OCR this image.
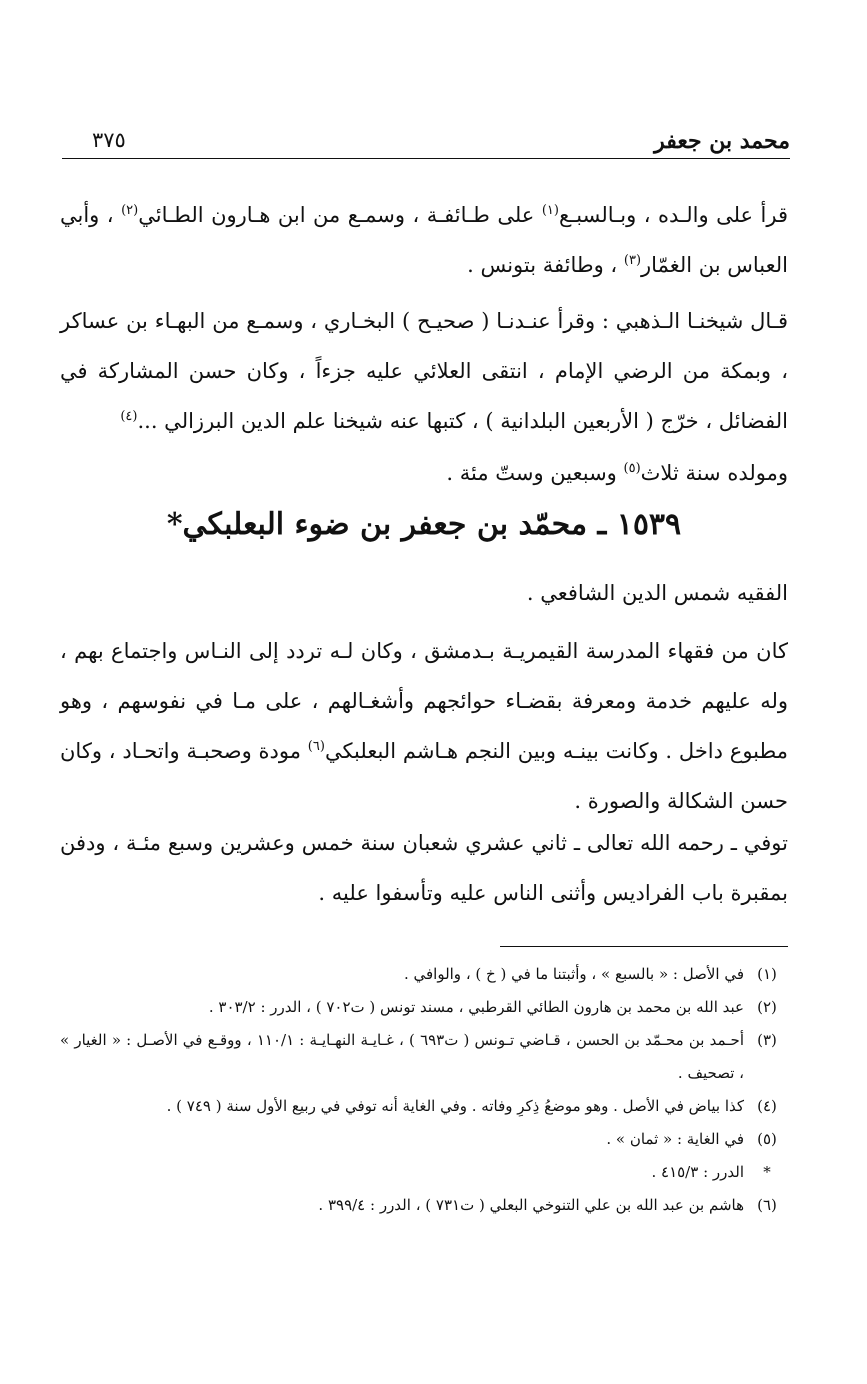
محمد بن جعفر
٣٧٥

قرأ على والـده ، وبـالسبـع$^{(١)}$ على طـائفـة ، وسمـع من ابن هـارون الطـائي$^{(٢)}$ ، وأبي العباس بن الغمّار$^{(٣)}$ ، وطائفة بتونس .

قـال شيخنـا الـذهبي : وقرأ عنـدنـا ( صحيـح ) البخـاري ، وسمـع من البهـاء بن عساكر ، وبمكة من الرضي الإمام ، انتقى العلائي عليه جزءاً ، وكان حسن المشاركة في الفضائل ، خرّج ( الأربعين البلدانية ) ، كتبها عنه شيخنا علم الدين البرزالي ...$^{(٤)}$

ومولده سنة ثلاث$^{(٥)}$ وسبعين وستّ مئة .

١٥٣٩ ـ محمّد بن جعفر بن ضوء البعلبكي*

الفقيه شمس الدين الشافعي .

كان من فقهاء المدرسة القيمريـة بـدمشق ، وكان لـه تردد إلى النـاس واجتماع بهم ، وله عليهم خدمة ومعرفة بقضـاء حوائجهم وأشغـالهم ، على مـا في نفوسهم ، وهو مطبوع داخل . وكانت بينـه وبين النجم هـاشم البعلبكي$^{(٦)}$ مودة وصحبـة واتحـاد ، وكان حسن الشكالة والصورة .

توفي ـ رحمه الله تعالى ـ ثاني عشري شعبان سنة خمس وعشرين وسبع مئـة ، ودفن بمقبرة باب الفراديس وأثنى الناس عليه وتأسفوا عليه .

(١)
في الأصل : « بالسبع » ، وأثبتنا ما في ( خ ) ، والوافي .
(٢)
عبد الله بن محمد بن هارون الطائي القرطبي ، مسند تونس ( ت٧٠٢ ) ، الدرر : ٣٠٣/٢ .
(٣)
أحـمد بن محـمّد بن الحسن ، قـاضي تـونس ( ت٦٩٣ ) ، غـايـة النهـايـة : ١١٠/١ ، ووقـع في الأصـل : « الغيار » ، تصحيف .
(٤)
كذا بياض في الأصل . وهو موضعُ ذِكرِ وفاته . وفي الغاية أنه توفي في ربيع الأول سنة ( ٧٤٩ ) .
(٥)
في الغاية : « ثمان » .
*
الدرر : ٤١٥/٣ .
(٦)
هاشم بن عبد الله بن علي التنوخي البعلي ( ت٧٣١ ) ، الدرر : ٣٩٩/٤ .
